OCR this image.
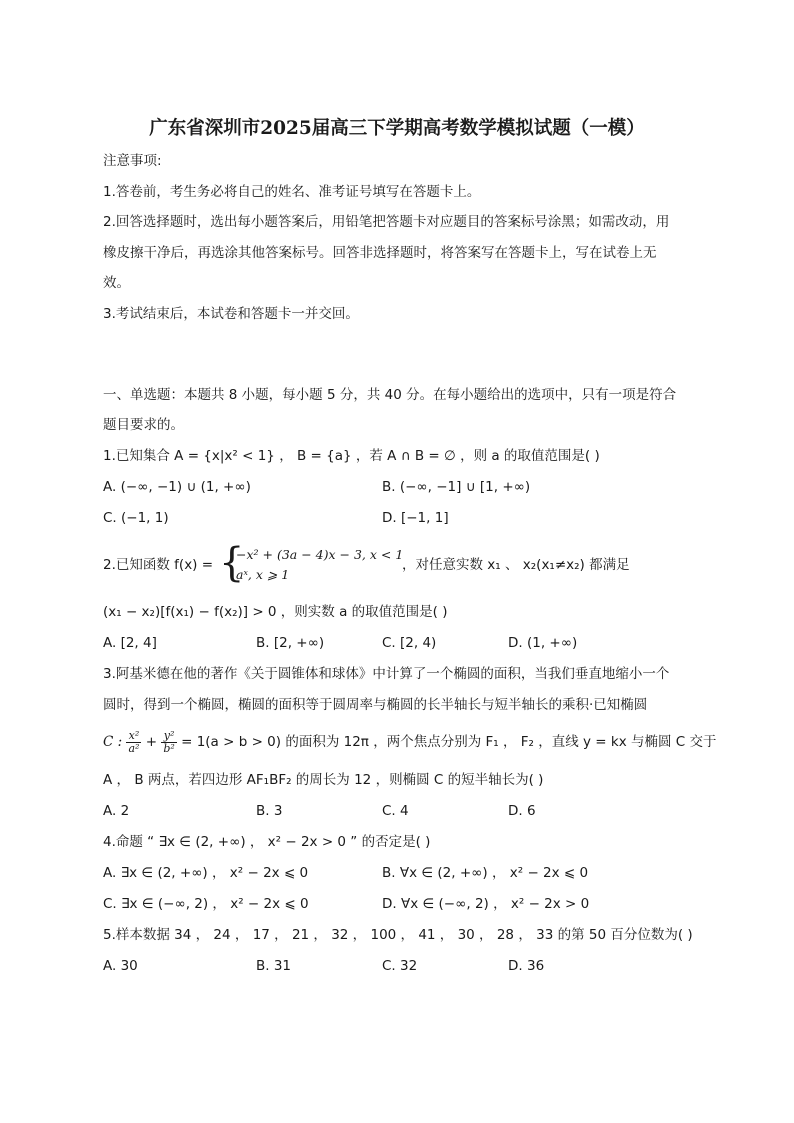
广东省深圳市2025届高三下学期高考数学模拟试题（一模）
注意事项:
1.答卷前，考生务必将自己的姓名、准考证号填写在答题卡上。
2.回答选择题时，选出每小题答案后，用铅笔把答题卡对应题目的答案标号涂黑；如需改动，用
橡皮擦干净后，再选涂其他答案标号。回答非选择题时，将答案写在答题卡上，写在试卷上无
效。
3.考试结束后，本试卷和答题卡一并交回。
一、单选题：本题共 8 小题，每小题 5 分，共 40 分。在每小题给出的选项中，只有一项是符合
题目要求的。
1.已知集合 A = {x|x² < 1} ， B = {a} ，若 A ∩ B = ∅ ，则 a 的取值范围是( )
A. (−∞, −1) ∪ (1, +∞)	B. (−∞, −1] ∪ [1, +∞)
C. (−1, 1)	D. [−1, 1]
2.已知函数 f(x) = {
−x² + (3a − 4)x − 3, x < 1
aˣ, x ⩾ 1
，对任意实数 x₁ 、 x₂(x₁≠x₂) 都满足
(x₁ − x₂)[f(x₁) − f(x₂)] > 0 ，则实数 a 的取值范围是( )
A. [2, 4]	B. [2, +∞)	C. [2, 4)	D. (1, +∞)
3.阿基米德在他的著作《关于圆锥体和球体》中计算了一个椭圆的面积，当我们垂直地缩小一个
圆时，得到一个椭圆，椭圆的面积等于圆周率与椭圆的长半轴长与短半轴长的乘积·已知椭圆
C : $\frac{\text{x²}}{\text{a²}} + \frac{\text{y²}}{\text{b²}} = 1(a > b > 0)$ 的面积为 12π ，两个焦点分别为 F₁ ， F₂ ，直线 y = kx 与椭圆 C 交于
A ， B 两点，若四边形 AF₁BF₂ 的周长为 12 ，则椭圆 C 的短半轴长为( )
A. 2	B. 3	C. 4	D. 6
4.命题 “ ∃x ∈ (2, +∞) ， x² − 2x > 0 ” 的否定是( )
A. ∃x ∈ (2, +∞) ， x² − 2x ⩽ 0	B. ∀x ∈ (2, +∞) ， x² − 2x ⩽ 0
C. ∃x ∈ (−∞, 2) ， x² − 2x ⩽ 0	D. ∀x ∈ (−∞, 2) ， x² − 2x > 0
5.样本数据 34 ， 24 ， 17 ， 21 ， 32 ， 100 ， 41 ， 30 ， 28 ， 33 的第 50 百分位数为( )
A. 30	B. 31	C. 32	D. 36
